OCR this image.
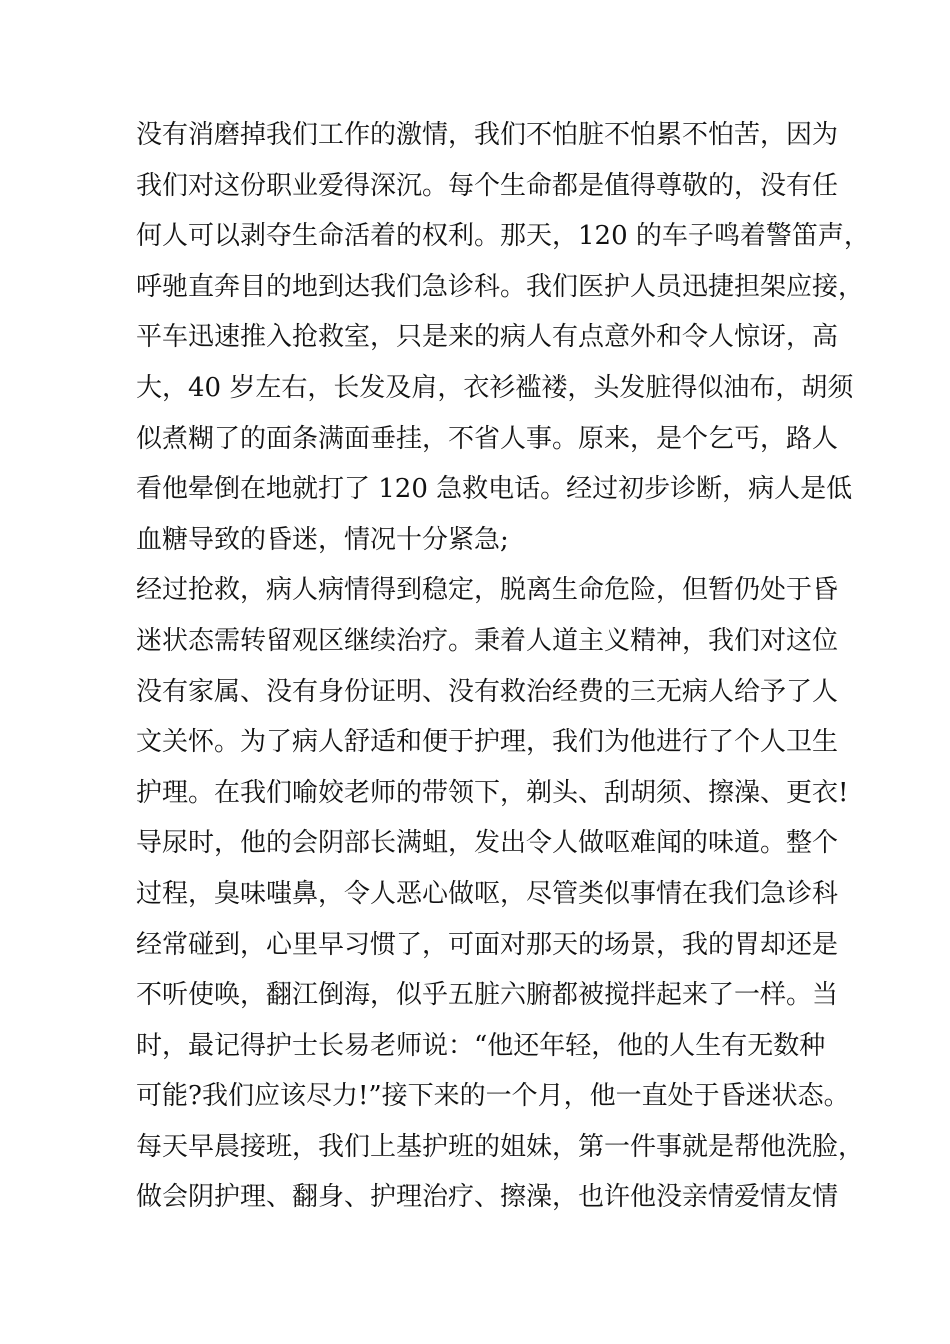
没有消磨掉我们工作的激情，我们不怕脏不怕累不怕苦，因为
我们对这份职业爱得深沉。每个生命都是值得尊敬的，没有任
何人可以剥夺生命活着的权利。那天，120 的车子鸣着警笛声，
呼驰直奔目的地到达我们急诊科。我们医护人员迅捷担架应接，
平车迅速推入抢救室，只是来的病人有点意外和令人惊讶，高
大，40 岁左右，长发及肩，衣衫褴褛，头发脏得似油布，胡须
似煮糊了的面条满面垂挂，不省人事。原来，是个乞丐，路人
看他晕倒在地就打了 120 急救电话。经过初步诊断，病人是低
血糖导致的昏迷，情况十分紧急;
经过抢救，病人病情得到稳定，脱离生命危险，但暂仍处于昏
迷状态需转留观区继续治疗。秉着人道主义精神，我们对这位
没有家属、没有身份证明、没有救治经费的三无病人给予了人
文关怀。为了病人舒适和便于护理，我们为他进行了个人卫生
护理。在我们喻姣老师的带领下，剃头、刮胡须、擦澡、更衣!
导尿时，他的会阴部长满蛆，发出令人做呕难闻的味道。整个
过程，臭味嗤鼻，令人恶心做呕，尽管类似事情在我们急诊科
经常碰到，心里早习惯了，可面对那天的场景，我的胃却还是
不听使唤，翻江倒海，似乎五脏六腑都被搅拌起来了一样。当
时，最记得护士长易老师说：“他还年轻，他的人生有无数种
可能?我们应该尽力!”接下来的一个月，他一直处于昏迷状态。
每天早晨接班，我们上基护班的姐妹，第一件事就是帮他洗脸，
做会阴护理、翻身、护理治疗、擦澡，也许他没亲情爱情友情
